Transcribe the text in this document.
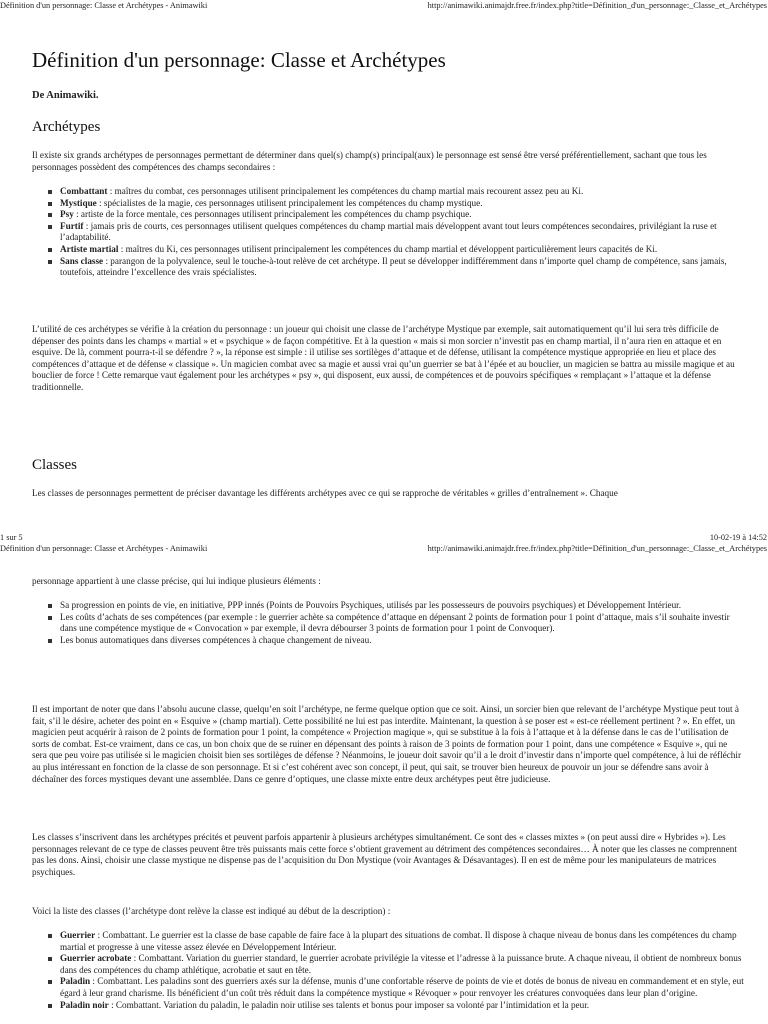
Définition d'un personnage: Classe et Archétypes - Animawiki	http://animawiki.animajdr.free.fr/index.php?title=Définition_d'un_personnage:_Classe_et_Archétypes
Définition d'un personnage: Classe et Archétypes
De Animawiki.
Archétypes

Il existe six grands archétypes de personnages permettant de déterminer dans quel(s) champ(s) principal(aux) le personnage est sensé être versé préférentiellement, sachant que tous les personnages possèdent des compétences des champs secondaires :

Combattant : maîtres du combat, ces personnages utilisent principalement les compétences du champ martial mais recourent assez peu au Ki.
Mystique : spécialistes de la magie, ces personnages utilisent principalement les compétences du champ mystique.
Psy : artiste de la force mentale, ces personnages utilisent principalement les compétences du champ psychique.
Furtif : jamais pris de courts, ces personnages utilisent quelques compétences du champ martial mais développent avant tout leurs compétences secondaires, privilégiant la ruse et l’adaptabilité.
Artiste martial : maîtres du Ki, ces personnages utilisent principalement les compétences du champ martial et développent particulièrement leurs capacités de Ki.
Sans classe : parangon de la polyvalence, seul le touche-à-tout relève de cet archétype. Il peut se développer indifféremment dans n’importe quel champ de compétence, sans jamais, toutefois, atteindre l’excellence des vrais spécialistes.

L’utilité de ces archétypes se vérifie à la création du personnage : un joueur qui choisit une classe de l’archétype Mystique par exemple, sait automatiquement qu’il lui sera très difficile de dépenser des points dans les champs « martial » et « psychique » de façon compétitive. Et à la question « mais si mon sorcier n’investit pas en champ martial, il n’aura rien en attaque et en esquive. De là, comment pourra-t-il se défendre ? », la réponse est simple : il utilise ses sortilèges d’attaque et de défense, utilisant la compétence mystique appropriée en lieu et place des compétences d’attaque et de défense « classique ». Un magicien combat avec sa magie et aussi vrai qu’un guerrier se bat à l’épée et au bouclier, un magicien se battra au missile magique et au bouclier de force ! Cette remarque vaut également pour les archétypes « psy », qui disposent, eux aussi, de compétences et de pouvoirs spécifiques « remplaçant » l’attaque et la défense traditionnelle.

Classes

Les classes de personnages permettent de préciser davantage les différents archétypes avec ce qui se rapproche de véritables « grilles d’entraînement ». Chaque

1 sur 5	10-02-19 à 14:52
Définition d'un personnage: Classe et Archétypes - Animawiki	http://animawiki.animajdr.free.fr/index.php?title=Définition_d'un_personnage:_Classe_et_Archétypes

personnage appartient à une classe précise, qui lui indique plusieurs éléments :

Sa progression en points de vie, en initiative, PPP innés (Points de Pouvoirs Psychiques, utilisés par les possesseurs de pouvoirs psychiques) et Développement Intérieur.
Les coûts d’achats de ses compétences (par exemple : le guerrier achète sa compétence d’attaque en dépensant 2 points de formation pour 1 point d’attaque, mais s’il souhaite investir dans une compétence mystique de « Convocation » par exemple, il devra débourser 3 points de formation pour 1 point de Convoquer).
Les bonus automatiques dans diverses compétences à chaque changement de niveau.

Il est important de noter que dans l’absolu aucune classe, quelqu’en soit l’archétype, ne ferme quelque option que ce soit. Ainsi, un sorcier bien que relevant de l’archétype Mystique peut tout à fait, s’il le désire, acheter des point en « Esquive » (champ martial). Cette possibilité ne lui est pas interdite. Maintenant, la question à se poser est « est-ce réellement pertinent ? ». En effet, un magicien peut acquérir à raison de 2 points de formation pour 1 point, la compétence « Projection magique », qui se substitue à la fois à l’attaque et à la défense dans le cas de l’utilisation de sorts de combat. Est-ce vraiment, dans ce cas, un bon choix que de se ruiner en dépensant des points à raison de 3 points de formation pour 1 point, dans une compétence « Esquive », qui ne sera que peu voire pas utilisée si le magicien choisit bien ses sortilèges de défense ? Néanmoins, le joueur doit savoir qu’il a le droit d’investir dans n’importe quel compétence, à lui de réfléchir au plus intéressant en fonction de la classe de son personnage. Et si c’est cohérent avec son concept, il peut, qui sait, se trouver bien heureux de pouvoir un jour se défendre sans avoir à déchaîner des forces mystiques devant une assemblée. Dans ce genre d’optiques, une classe mixte entre deux archétypes peut être judicieuse.

Les classes s’inscrivent dans les archétypes précités et peuvent parfois appartenir à plusieurs archétypes simultanément. Ce sont des « classes mixtes » (on peut aussi dire « Hybrides »). Les personnages relevant de ce type de classes peuvent être très puissants mais cette force s’obtient gravement au détriment des compétences secondaires… À noter que les classes ne comprennent pas les dons. Ainsi, choisir une classe mystique ne dispense pas de l’acquisition du Don Mystique (voir Avantages & Désavantages). Il en est de même pour les manipulateurs de matrices psychiques.

Voici la liste des classes (l’archétype dont relève la classe est indiqué au début de la description) :

Guerrier : Combattant. Le guerrier est la classe de base capable de faire face à la plupart des situations de combat. Il dispose à chaque niveau de bonus dans les compétences du champ martial et progresse à une vitesse assez élevée en Développement Intérieur.
Guerrier acrobate : Combattant. Variation du guerrier standard, le guerrier acrobate privilégie la vitesse et l’adresse à la puissance brute. A chaque niveau, il obtient de nombreux bonus dans des compétences du champ athlétique, acrobatie et saut en tête.
Paladin : Combattant. Les paladins sont des guerriers axés sur la défense, munis d’une confortable réserve de points de vie et dotés de bonus de niveau en commandement et en style, eut égard à leur grand charisme. Ils bénéficient d’un coût très réduit dans la compétence mystique « Révoquer » pour renvoyer les créatures convoquées dans leur plan d’origine.
Paladin noir : Combattant. Variation du paladin, le paladin noir utilise ses talents et bonus pour imposer sa volonté par l’intimidation et la peur.
